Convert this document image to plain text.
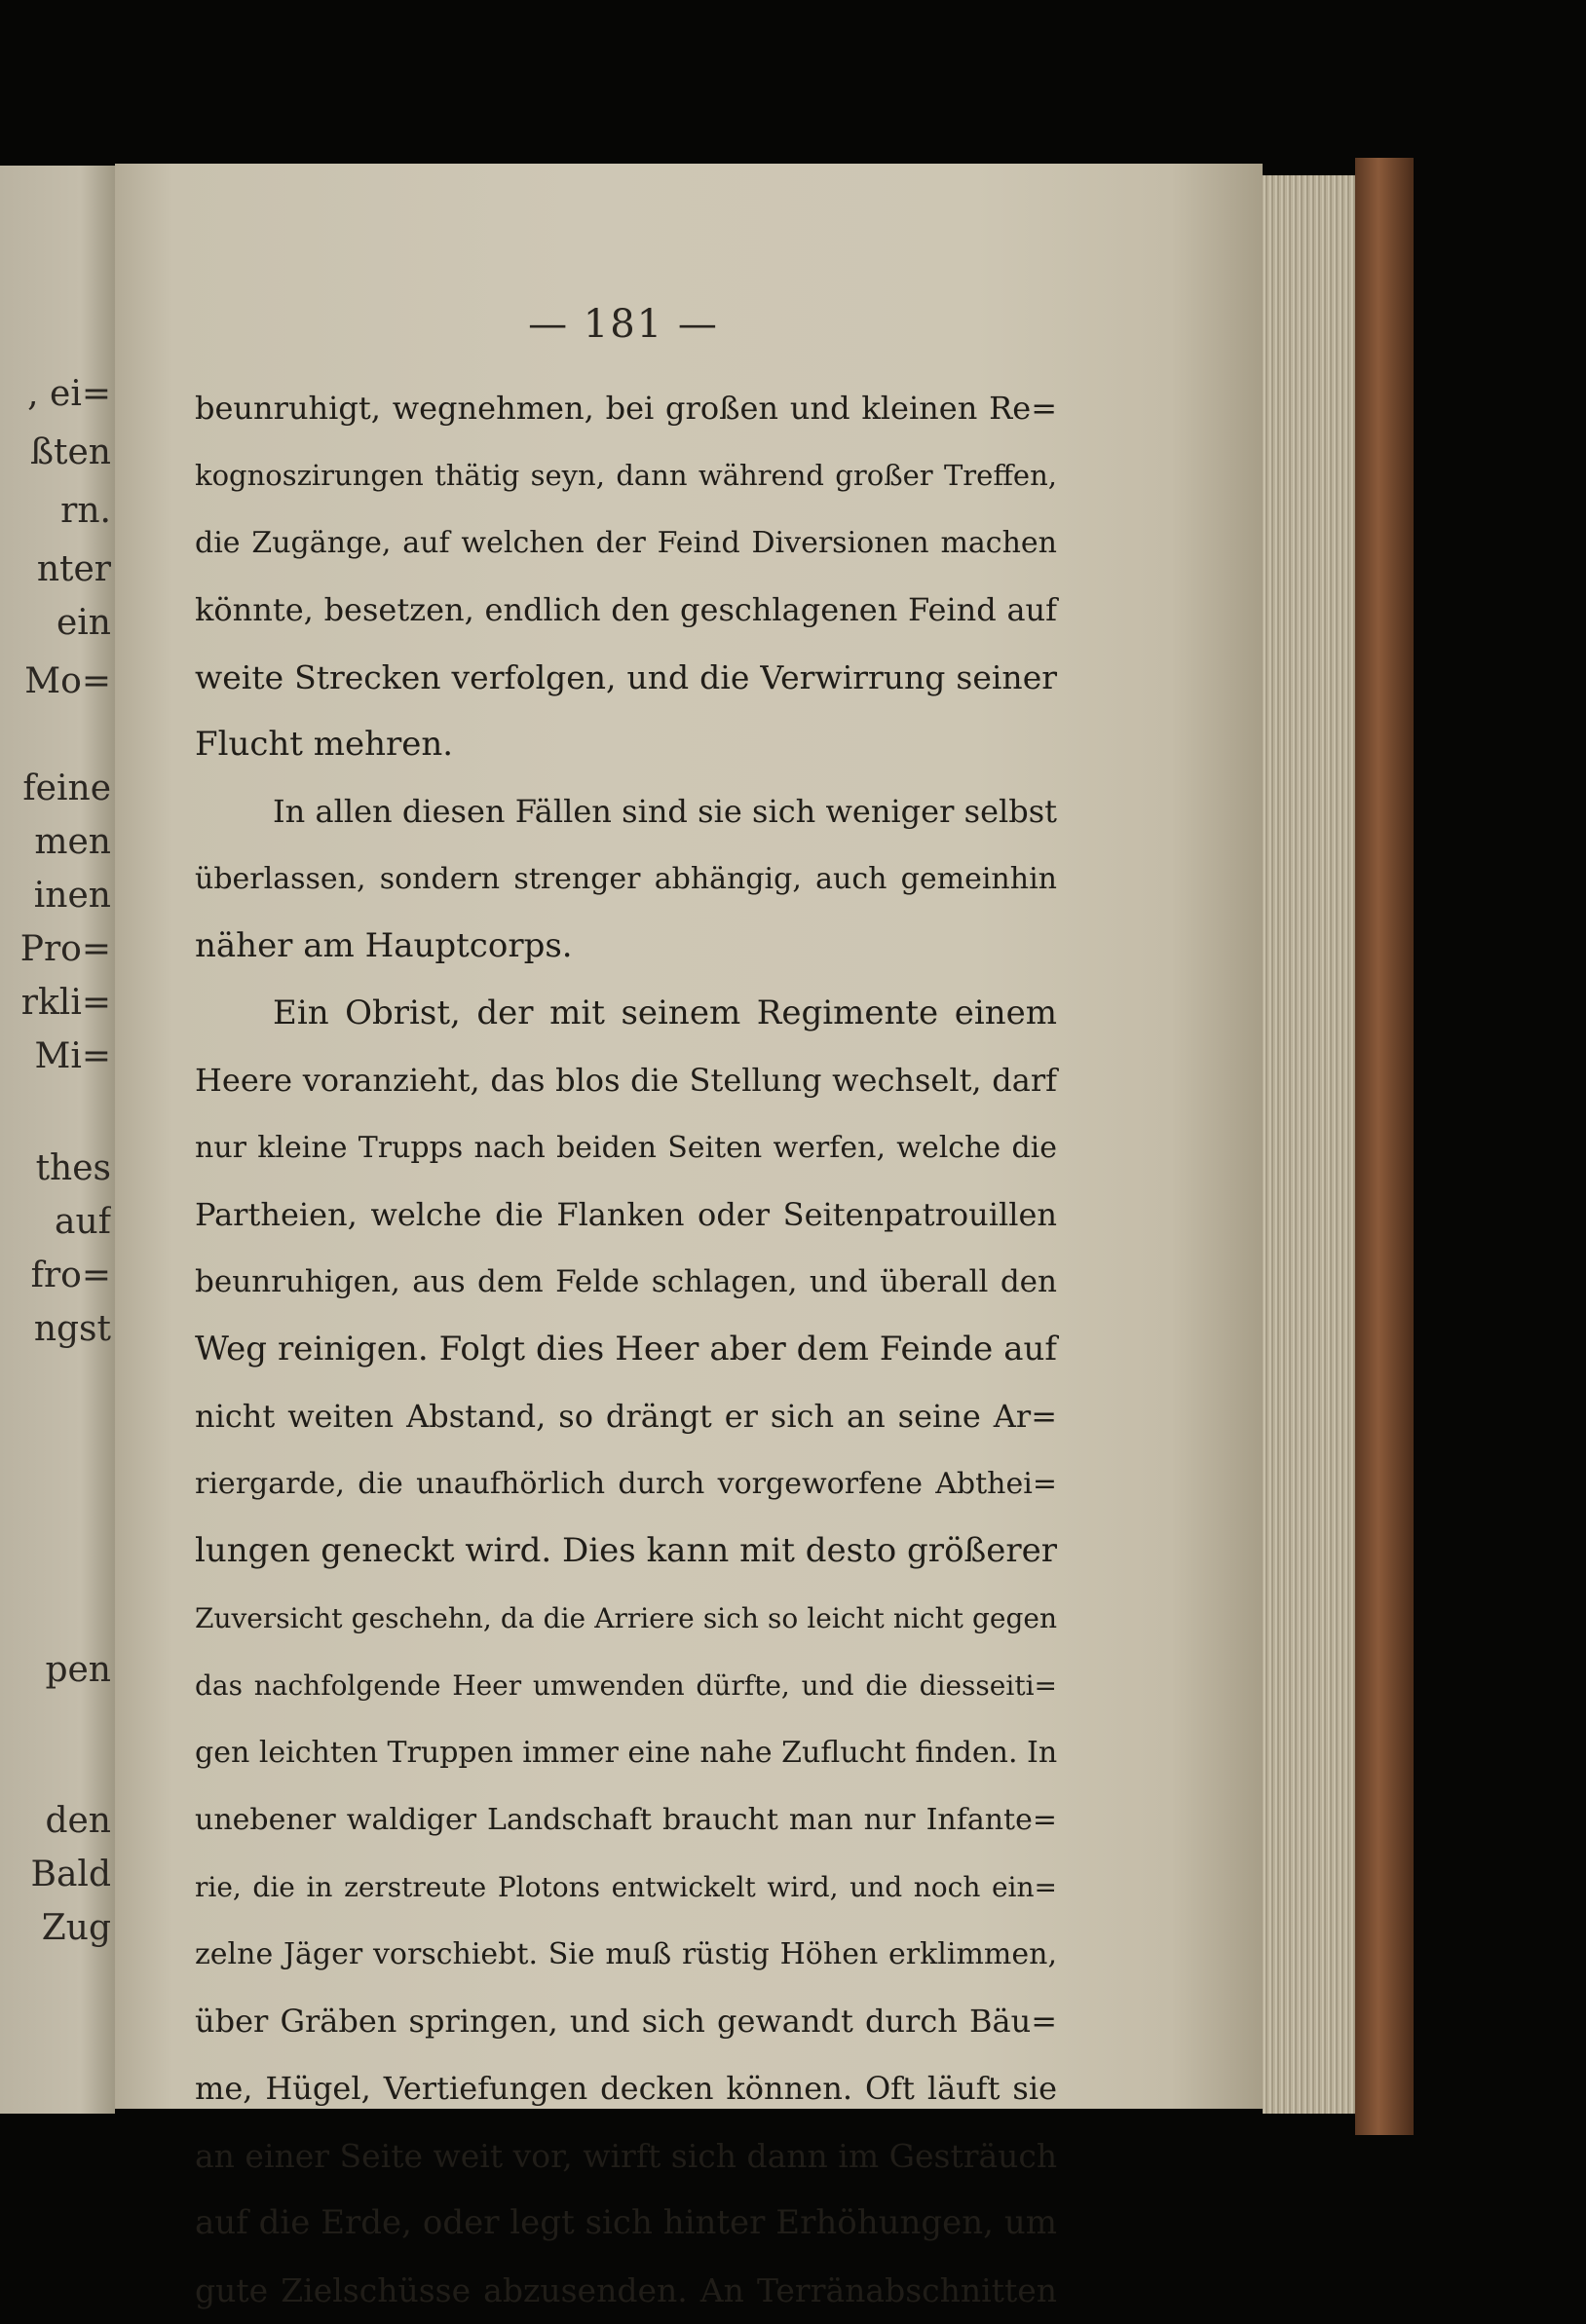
, ei=
ßten
rn.
nter
ein
Mo=
feine
men
inen
Pro=
rkli=
Mi=
thes
auf
fro=
ngst
pen
den
Bald
Zug
— 181 —
beunruhigt, wegnehmen, bei großen und kleinen Re=
kognoszirungen thätig seyn, dann während großer Treffen,
die Zugänge, auf welchen der Feind Diversionen machen
könnte, besetzen, endlich den geschlagenen Feind auf
weite Strecken verfolgen, und die Verwirrung seiner
Flucht mehren.
In allen diesen Fällen sind sie sich weniger selbst
überlassen, sondern strenger abhängig, auch gemeinhin
näher am Hauptcorps.
Ein Obrist, der mit seinem Regimente einem
Heere voranzieht, das blos die Stellung wechselt, darf
nur kleine Trupps nach beiden Seiten werfen, welche die
Partheien, welche die Flanken oder Seitenpatrouillen
beunruhigen, aus dem Felde schlagen, und überall den
Weg reinigen. Folgt dies Heer aber dem Feinde auf
nicht weiten Abstand, so drängt er sich an seine Ar=
riergarde, die unaufhörlich durch vorgeworfene Abthei=
lungen geneckt wird. Dies kann mit desto größerer
Zuversicht geschehn, da die Arriere sich so leicht nicht gegen
das nachfolgende Heer umwenden dürfte, und die diesseiti=
gen leichten Truppen immer eine nahe Zuflucht finden. In
unebener waldiger Landschaft braucht man nur Infante=
rie, die in zerstreute Plotons entwickelt wird, und noch ein=
zelne Jäger vorschiebt. Sie muß rüstig Höhen erklimmen,
über Gräben springen, und sich gewandt durch Bäu=
me, Hügel, Vertiefungen decken können. Oft läuft sie
an einer Seite weit vor, wirft sich dann im Gesträuch
auf die Erde, oder legt sich hinter Erhöhungen, um
gute Zielschüsse abzusenden. An Terränabschnitten
